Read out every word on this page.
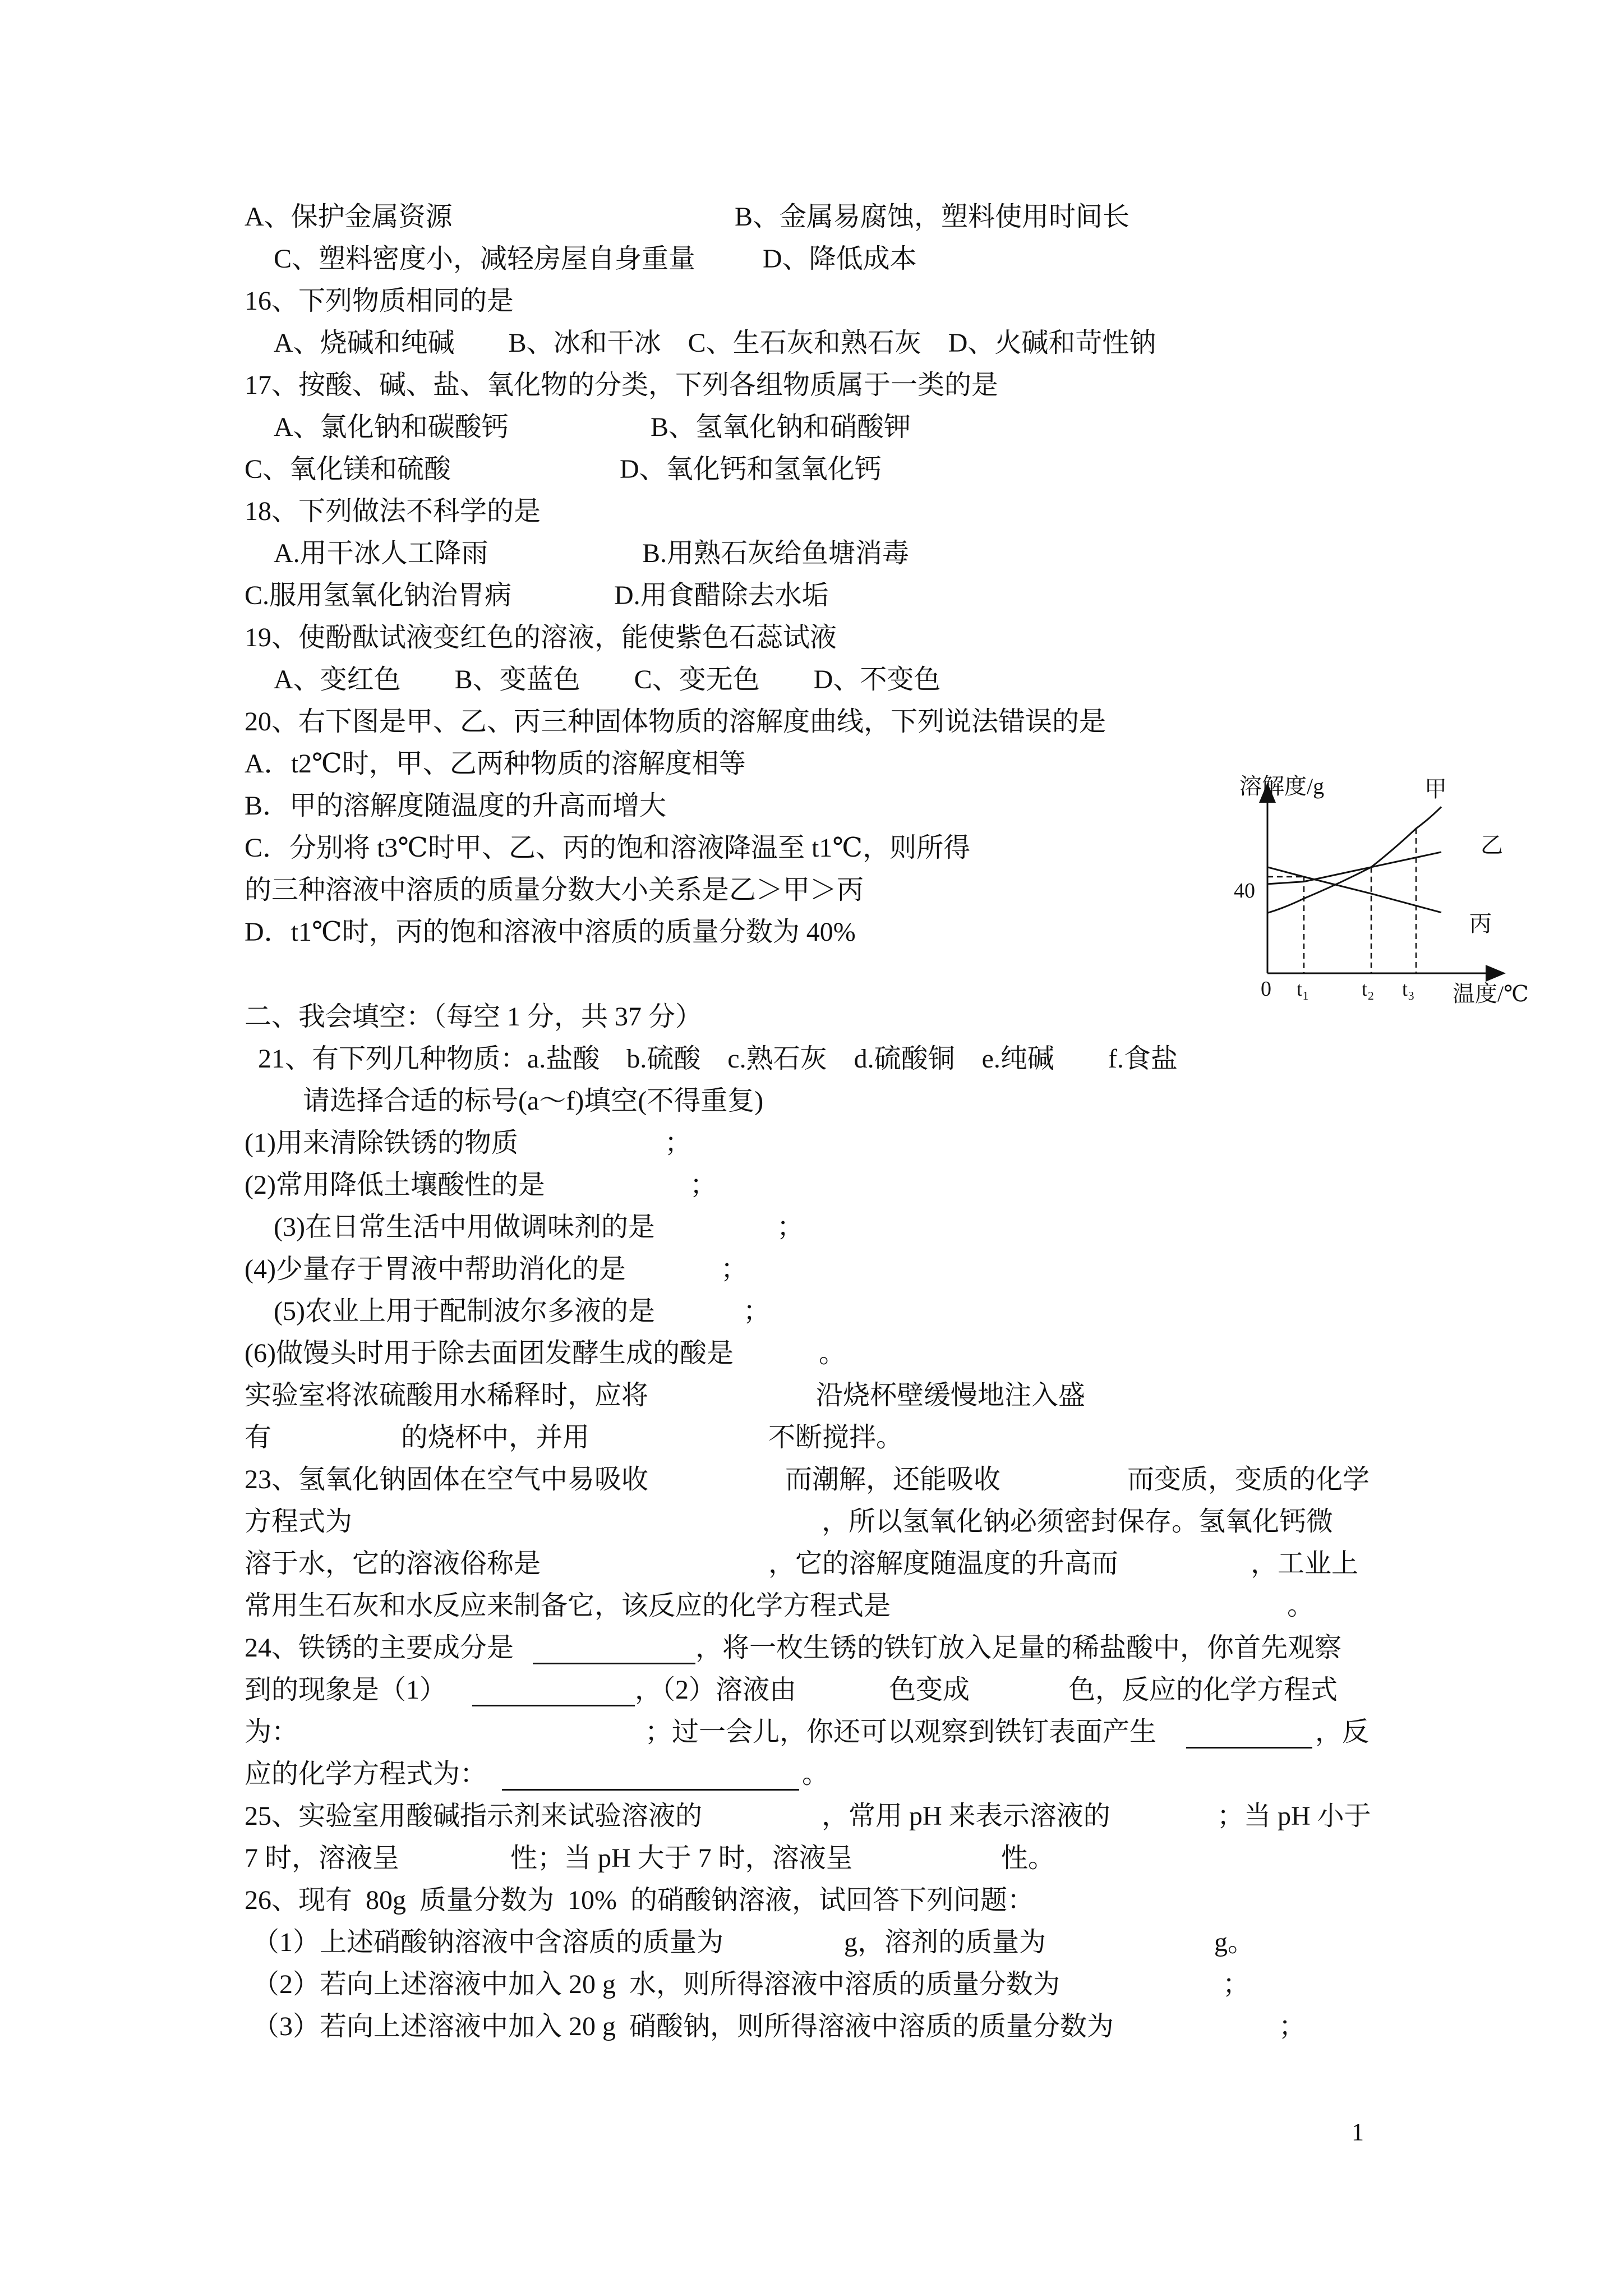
A、保护金属资源	B、金属易腐蚀，塑料使用时间长
C、塑料密度小，减轻房屋自身重量 D、降低成本
16、下列物质相同的是
A、烧碱和纯碱　　B、冰和干冰　C、生石灰和熟石灰　D、火碱和苛性钠
17、按酸、碱、盐、氧化物的分类，下列各组物质属于一类的是
A、氯化钠和碳酸钙	B、氢氧化钠和硝酸钾
C、氧化镁和硫酸	D、氧化钙和氢氧化钙
18、下列做法不科学的是
A.用干冰人工降雨	B.用熟石灰给鱼塘消毒
C.服用氢氧化钠治胃病	D.用食醋除去水垢
19、使酚酞试液变红色的溶液，能使紫色石蕊试液
A、变红色　　B、变蓝色　　C、变无色　　D、不变色
20、右下图是甲、乙、丙三种固体物质的溶解度曲线，下列说法错误的是
A．t2℃时，甲、乙两种物质的溶解度相等
B．甲的溶解度随温度的升高而增大
C．分别将 t3℃时甲、乙、丙的饱和溶液降温至 t1℃，则所得
的三种溶液中溶质的质量分数大小关系是乙＞甲＞丙
D．t1℃时，丙的饱和溶液中溶质的质量分数为 40%
溶解度/g
温度/℃
0
40
t₁	t₂ t₃
甲
乙
丙
二、我会填空：（每空 1 分，共 37 分）
21、有下列几种物质：a.盐酸　b.硫酸　c.熟石灰　d.硫酸铜　e.纯碱　　f.食盐
请选择合适的标号(a～f)填空(不得重复)
(1)用来清除铁锈的物质	；
(2)常用降低土壤酸性的是	；
(3)在日常生活中用做调味剂的是	；
(4)少量存于胃液中帮助消化的是	；
(5)农业上用于配制波尔多液的是	；
(6)做馒头时用于除去面团发酵生成的酸是	。
实验室将浓硫酸用水稀释时，应将	沿烧杯壁缓慢地注入盛
有	的烧杯中，并用	不断搅拌。
23、氢氧化钠固体在空气中易吸收	而潮解，还能吸收	而变质，变质的化学
方程式为	，所以氢氧化钠必须密封保存。氢氧化钙微
溶于水，它的溶液俗称是	，它的溶解度随温度的升高而	，工业上
常用生石灰和水反应来制备它，该反应的化学方程式是	。
24、铁锈的主要成分是	，将一枚生锈的铁钉放入足量的稀盐酸中，你首先观察
到的现象是（1）	，（2）溶液由	色变成	色，反应的化学方程式
为：	；过一会儿，你还可以观察到铁钉表面产生	，反
应的化学方程式为：	。
25、实验室用酸碱指示剂来试验溶液的	，常用 pH 来表示溶液的	；当 pH 小于
7 时，溶液呈	性；当 pH 大于 7 时，溶液呈	性。
26、现有  80g  质量分数为  10%  的硝酸钠溶液，试回答下列问题：
（1）上述硝酸钠溶液中含溶质的质量为	g，溶剂的质量为	g。
（2）若向上述溶液中加入 20 g  水，则所得溶液中溶质的质量分数为	；
（3）若向上述溶液中加入 20 g  硝酸钠，则所得溶液中溶质的质量分数为	；
1
